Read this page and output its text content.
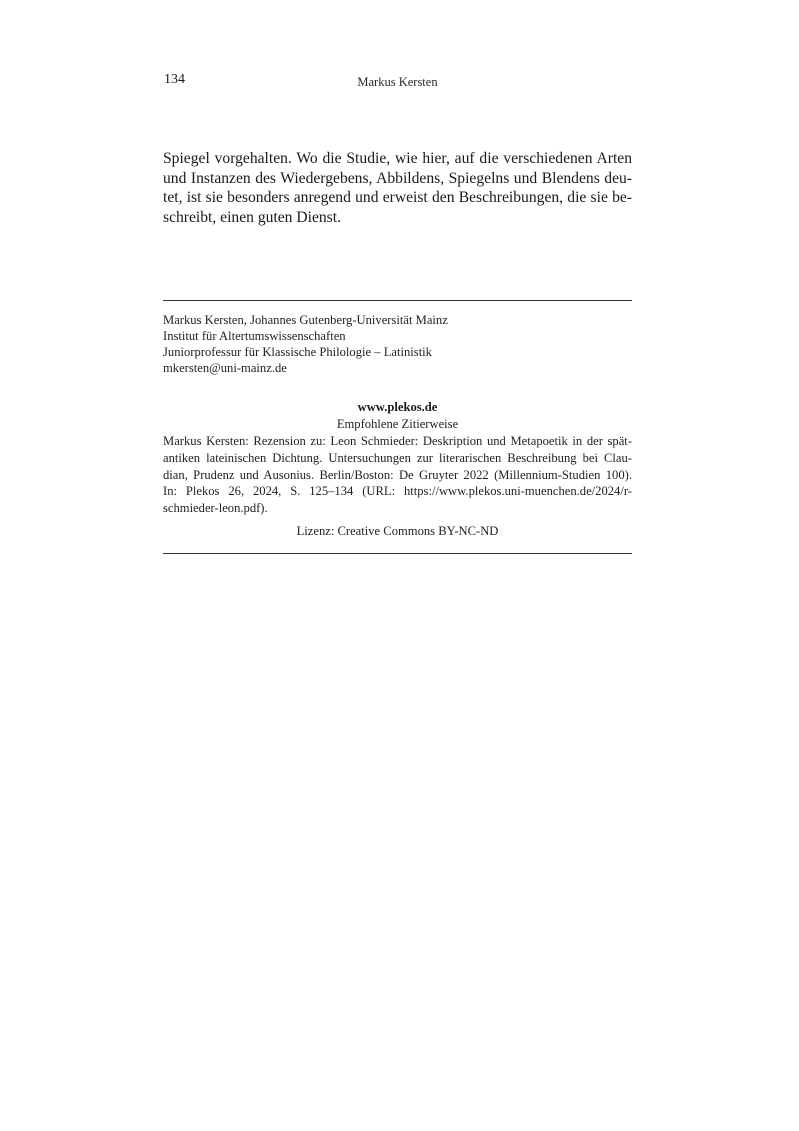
134	Markus Kersten
Spiegel vorgehalten. Wo die Studie, wie hier, auf die verschiedenen Arten
und Instanzen des Wiedergebens, Abbildens, Spiegelns und Blendens deu-
tet, ist sie besonders anregend und erweist den Beschreibungen, die sie be-
schreibt, einen guten Dienst.
Markus Kersten, Johannes Gutenberg-Universität Mainz
Institut für Altertumswissenschaften
Juniorprofessur für Klassische Philologie – Latinistik
mkersten@uni-mainz.de
www.plekos.de
Empfohlene Zitierweise
Markus Kersten: Rezension zu: Leon Schmieder: Deskription und Metapoetik in der spät-
antiken lateinischen Dichtung. Untersuchungen zur literarischen Beschreibung bei Clau-
dian, Prudenz und Ausonius. Berlin/Boston: De Gruyter 2022 (Millennium-Studien 100).
In: Plekos 26, 2024, S. 125–134 (URL: https://www.plekos.uni-muenchen.de/2024/r-
schmieder-leon.pdf).
Lizenz: Creative Commons BY-NC-ND
